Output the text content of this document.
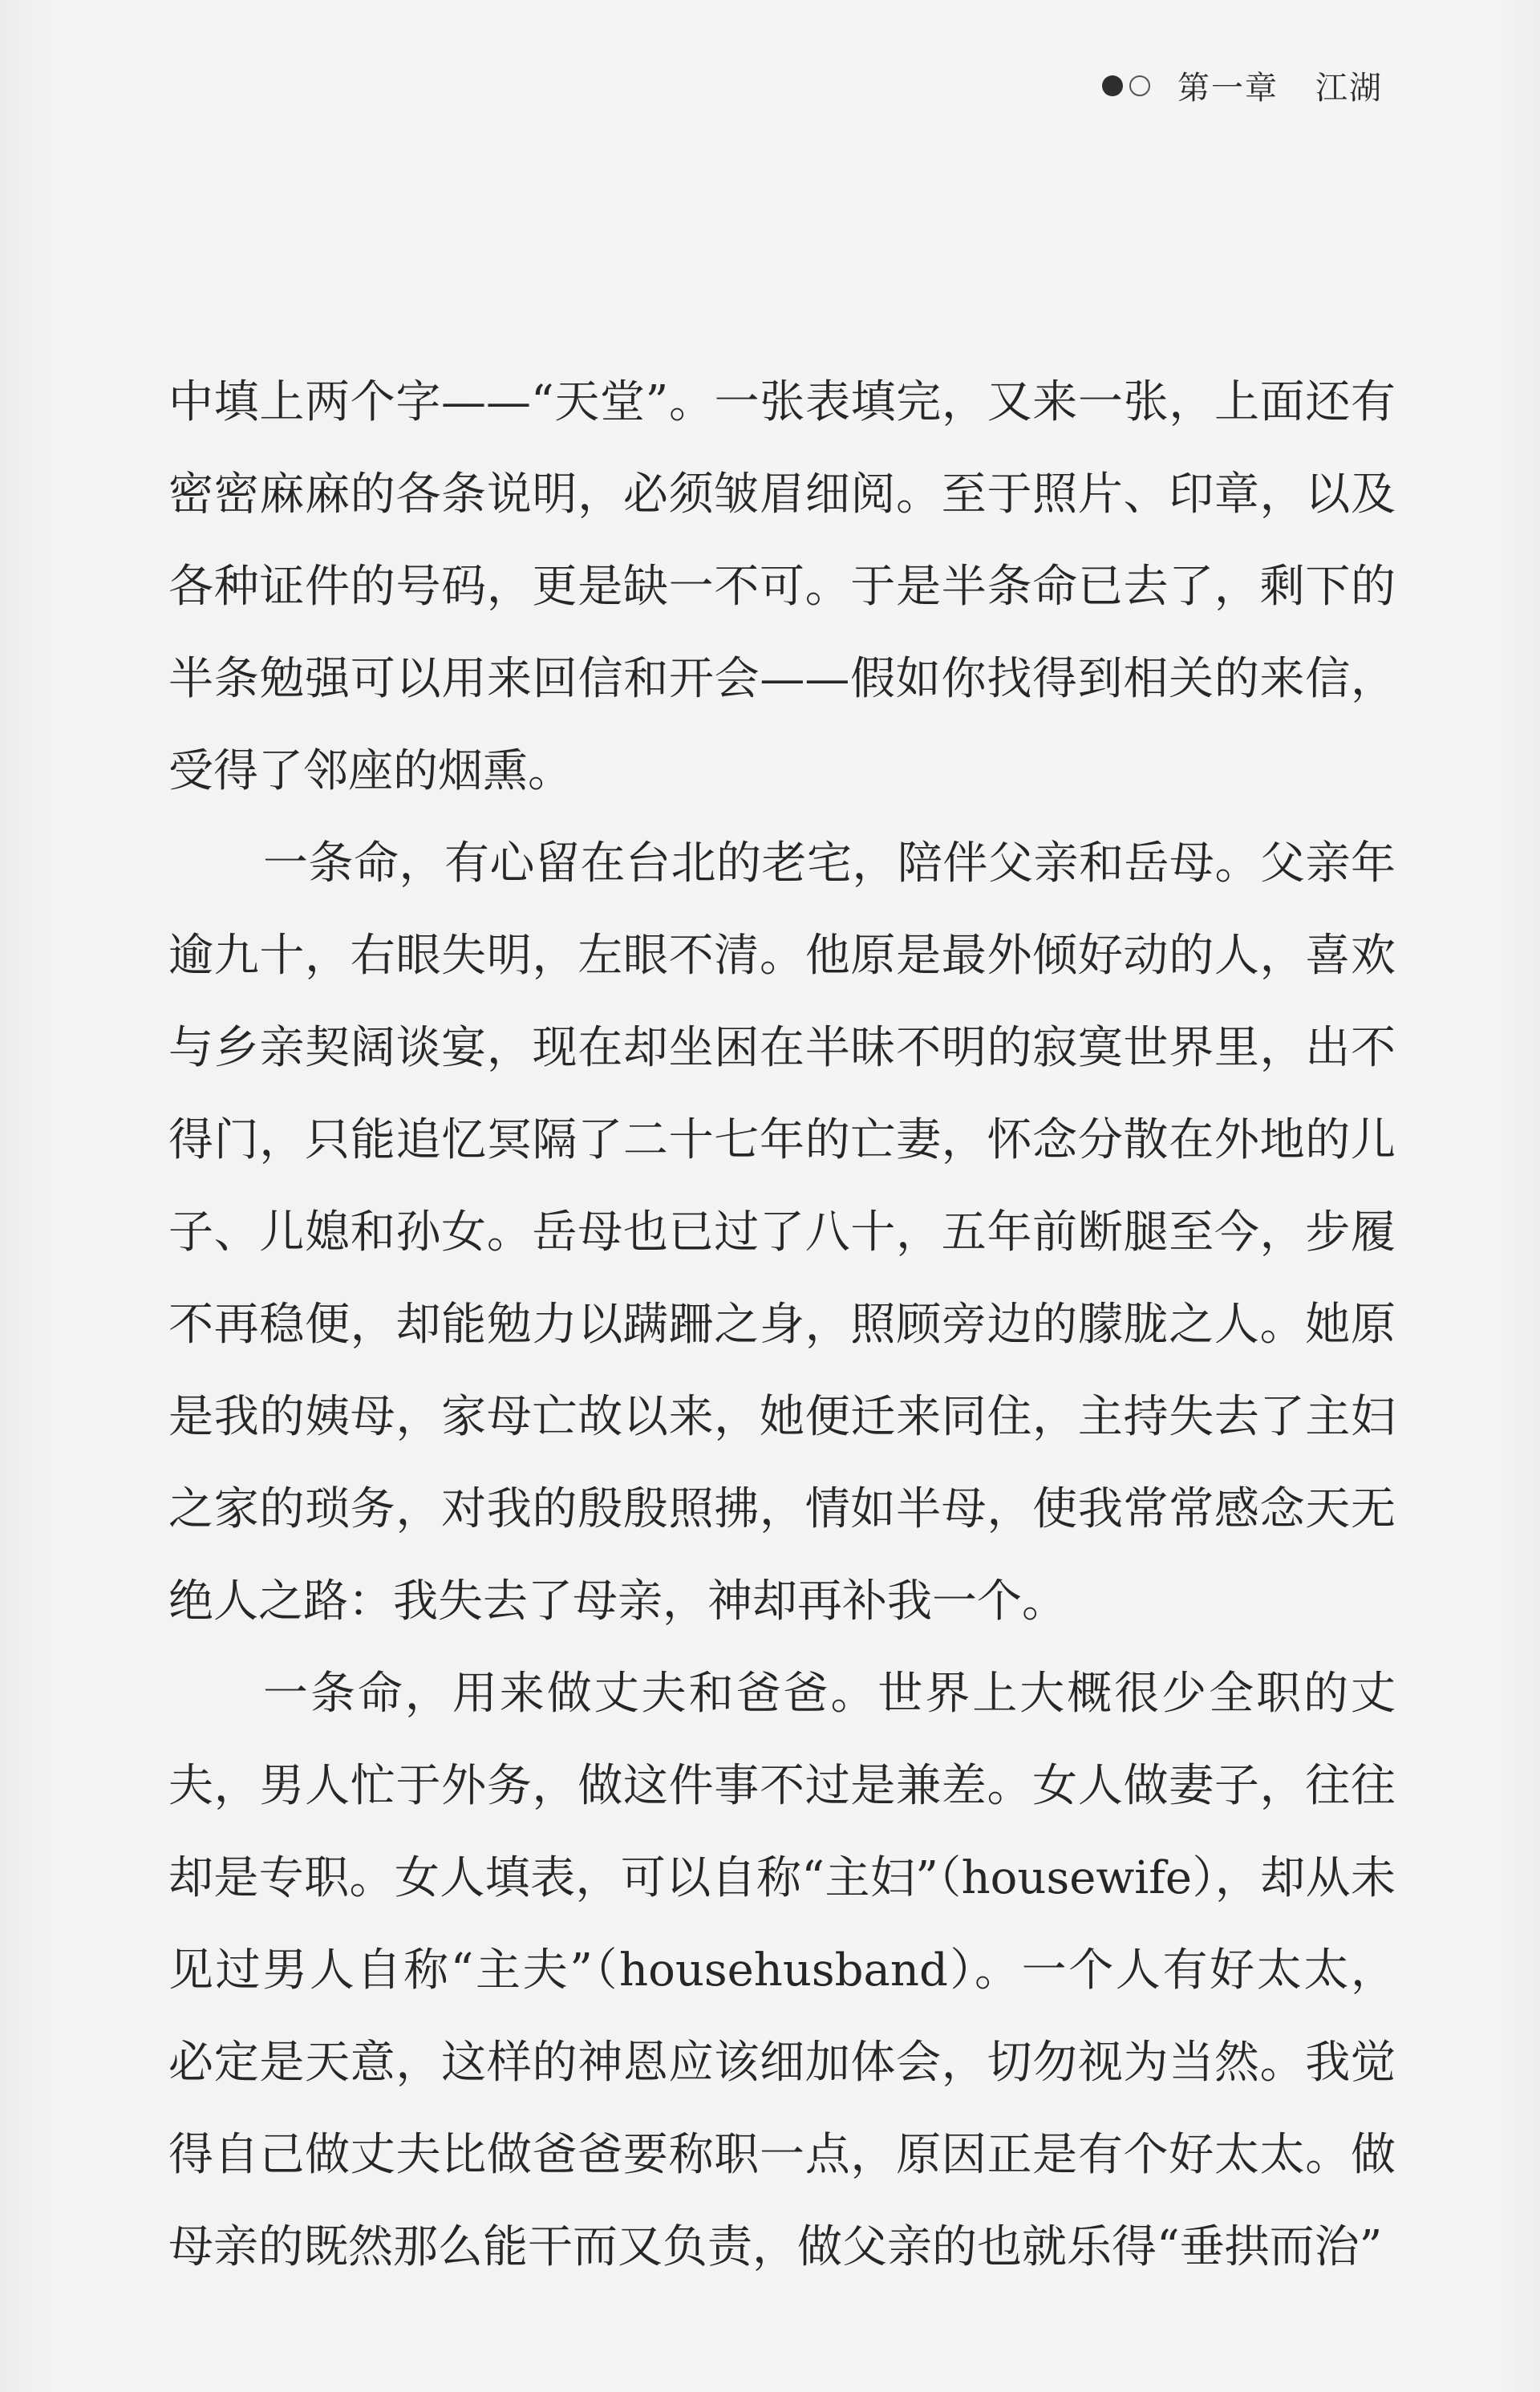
第一章 江湖

中填上两个字——“天堂”。一张表填完，又来一张，上面还有密密麻麻的各条说明，必须皱眉细阅。至于照片、印章，以及各种证件的号码，更是缺一不可。于是半条命已去了，剩下的半条勉强可以用来回信和开会——假如你找得到相关的来信，受得了邻座的烟熏。

一条命，有心留在台北的老宅，陪伴父亲和岳母。父亲年逾九十，右眼失明，左眼不清。他原是最外倾好动的人，喜欢与乡亲契阔谈宴，现在却坐困在半昧不明的寂寞世界里，出不得门，只能追忆冥隔了二十七年的亡妻，怀念分散在外地的儿子、儿媳和孙女。岳母也已过了八十，五年前断腿至今，步履不再稳便，却能勉力以蹒跚之身，照顾旁边的朦胧之人。她原是我的姨母，家母亡故以来，她便迁来同住，主持失去了主妇之家的琐务，对我的殷殷照拂，情如半母，使我常常感念天无绝人之路：我失去了母亲，神却再补我一个。

一条命，用来做丈夫和爸爸。世界上大概很少全职的丈夫，男人忙于外务，做这件事不过是兼差。女人做妻子，往往却是专职。女人填表，可以自称“主妇”（housewife），却从未见过男人自称“主夫”（househusband）。一个人有好太太，必定是天意，这样的神恩应该细加体会，切勿视为当然。我觉得自己做丈夫比做爸爸要称职一点，原因正是有个好太太。做母亲的既然那么能干而又负责，做父亲的也就乐得“垂拱而治”
